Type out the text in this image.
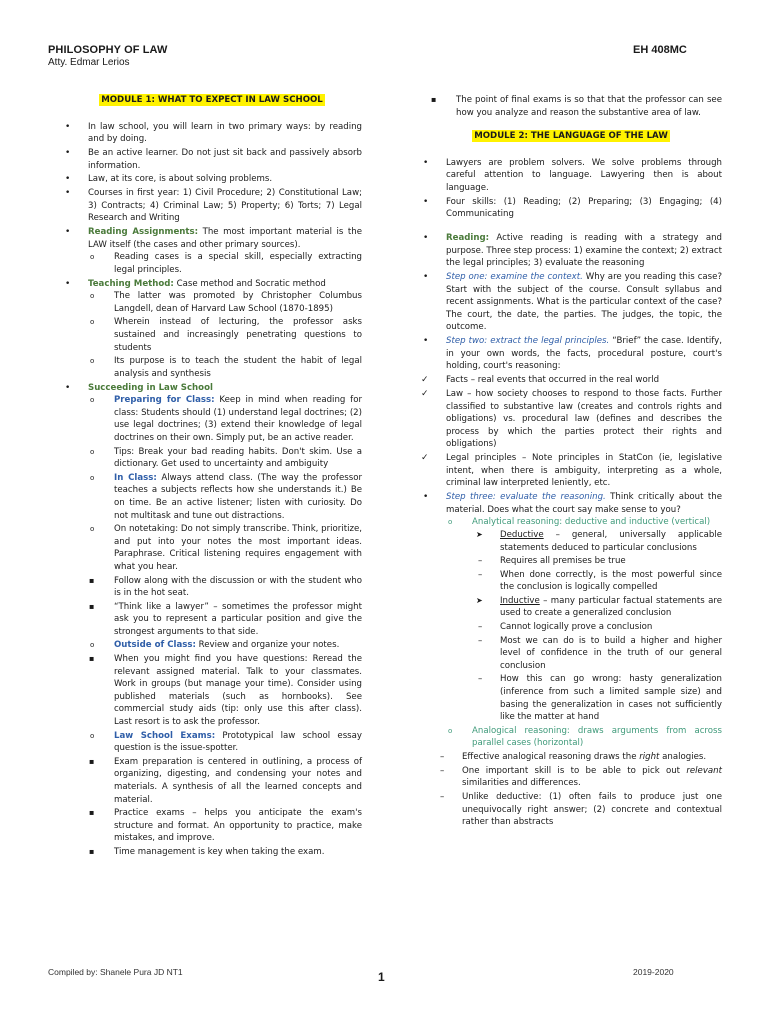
PHILOSOPHY OF LAW
Atty. Edmar Lerios
EH 408MC
MODULE 1: WHAT TO EXPECT IN LAW SCHOOL
• In law school, you will learn in two primary ways: by reading and by doing.
• Be an active learner. Do not just sit back and passively absorb information.
• Law, at its core, is about solving problems.
• Courses in first year: 1) Civil Procedure; 2) Constitutional Law; 3) Contracts; 4) Criminal Law; 5) Property; 6) Torts; 7) Legal Research and Writing
• Reading Assignments: The most important material is the LAW itself (the cases and other primary sources).
o Reading cases is a special skill, especially extracting legal principles.
• Teaching Method: Case method and Socratic method
o The latter was promoted by Christopher Columbus Langdell, dean of Harvard Law School (1870-1895)
o Wherein instead of lecturing, the professor asks sustained and increasingly penetrating questions to students
o Its purpose is to teach the student the habit of legal analysis and synthesis
• Succeeding in Law School
o Preparing for Class: Keep in mind when reading for class: Students should (1) understand legal doctrines; (2) use legal doctrines; (3) extend their knowledge of legal doctrines on their own. Simply put, be an active reader.
o Tips: Break your bad reading habits. Don't skim. Use a dictionary. Get used to uncertainty and ambiguity
o In Class: Always attend class. (The way the professor teaches a subjects reflects how she understands it.) Be on time. Be an active listener; listen with curiosity. Do not multitask and tune out distractions.
o On notetaking: Do not simply transcribe. Think, prioritize, and put into your notes the most important ideas. Paraphrase. Critical listening requires engagement with what you hear.
▪ Follow along with the discussion or with the student who is in the hot seat.
▪ “Think like a lawyer” – sometimes the professor might ask you to represent a particular position and give the strongest arguments to that side.
o Outside of Class: Review and organize your notes.
▪ When you might find you have questions: Reread the relevant assigned material. Talk to your classmates. Work in groups (but manage your time). Consider using published materials (such as hornbooks). See commercial study aids (tip: only use this after class). Last resort is to ask the professor.
o Law School Exams: Prototypical law school essay question is the issue-spotter.
▪ Exam preparation is centered in outlining, a process of organizing, digesting, and condensing your notes and materials. A synthesis of all the learned concepts and material.
▪ Practice exams – helps you anticipate the exam's structure and format. An opportunity to practice, make mistakes, and improve.
▪ Time management is key when taking the exam.
▪ The point of final exams is so that that the professor can see how you analyze and reason the substantive area of law.
MODULE 2: THE LANGUAGE OF THE LAW
• Lawyers are problem solvers. We solve problems through careful attention to language. Lawyering then is about language.
• Four skills: (1) Reading; (2) Preparing; (3) Engaging; (4) Communicating
• Reading: Active reading is reading with a strategy and purpose. Three step process: 1) examine the context; 2) extract the legal principles; 3) evaluate the reasoning
• Step one: examine the context. Why are you reading this case? Start with the subject of the course. Consult syllabus and recent assignments. What is the particular context of the case? The court, the date, the parties. The judges, the topic, the outcome.
• Step two: extract the legal principles. “Brief” the case. Identify, in your own words, the facts, procedural posture, court's holding, court's reasoning:
✓ Facts – real events that occurred in the real world
✓ Law – how society chooses to respond to those facts. Further classified to substantive law (creates and controls rights and obligations) vs. procedural law (defines and describes the process by which the parties protect their rights and obligations)
✓ Legal principles – Note principles in StatCon (ie, legislative intent, when there is ambiguity, interpreting as a whole, criminal law interpreted leniently, etc.
• Step three: evaluate the reasoning. Think critically about the material. Does what the court say make sense to you?
o Analytical reasoning: deductive and inductive (vertical)
➤ Deductive – general, universally applicable statements deduced to particular conclusions
– Requires all premises be true
– When done correctly, is the most powerful since the conclusion is logically compelled
➤ Inductive – many particular factual statements are used to create a generalized conclusion
– Cannot logically prove a conclusion
– Most we can do is to build a higher and higher level of confidence in the truth of our general conclusion
– How this can go wrong: hasty generalization (inference from such a limited sample size) and basing the generalization in cases not sufficiently like the matter at hand
o Analogical reasoning: draws arguments from across parallel cases (horizontal)
– Effective analogical reasoning draws the right analogies.
– One important skill is to be able to pick out relevant similarities and differences.
– Unlike deductive: (1) often fails to produce just one unequivocally right answer; (2) concrete and contextual rather than abstracts
Compiled by: Shanele Pura JD NT1	1	2019-2020
